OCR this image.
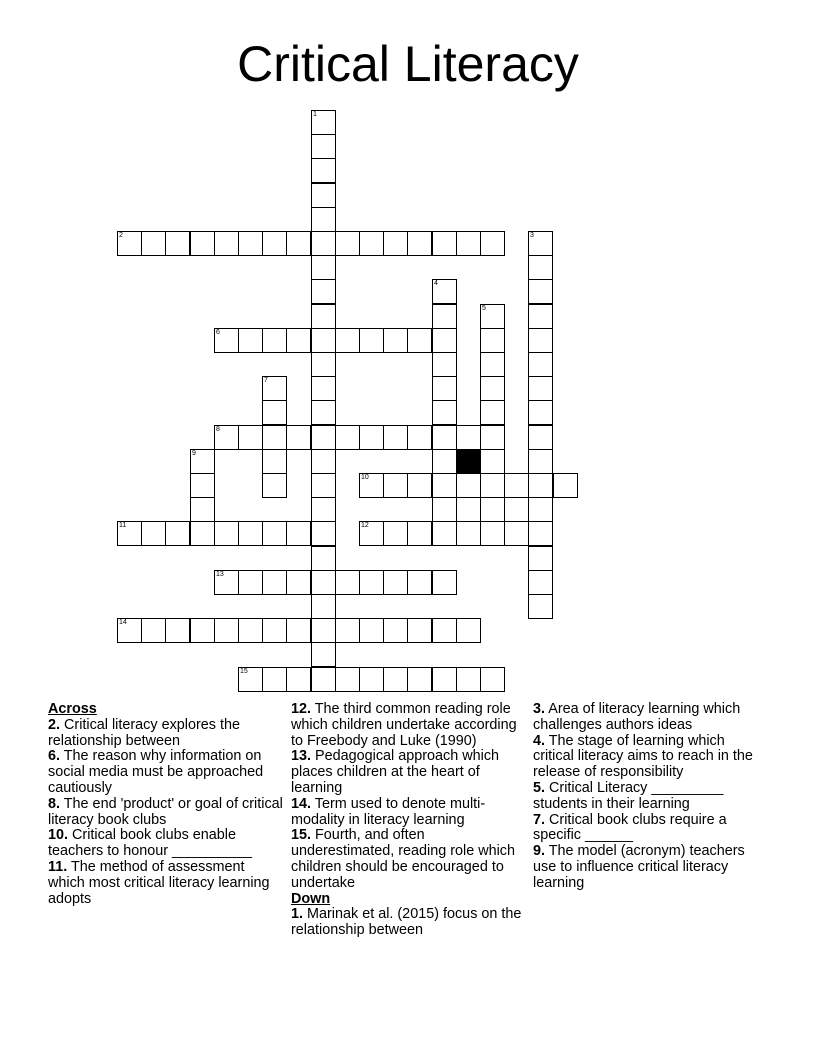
Critical Literacy
1
2	3
4
5
6
7
8
9
10
11	12
13
14
15

Across

2. Critical literacy explores the relationship between

6. The reason why information on social media must be approached cautiously

8. The end 'product' or goal of critical literacy book clubs

10. Critical book clubs enable teachers to honour __________

11. The method of assessment which most critical literacy learning adopts

12. The third common reading role which children undertake according to Freebody and Luke (1990)

13. Pedagogical approach which places children at the heart of learning

14. Term used to denote multi-modality in literacy learning

15. Fourth, and often underestimated, reading role which children should be encouraged to undertake

Down

1. Marinak et al. (2015) focus on the relationship between

3. Area of literacy learning which challenges authors ideas

4. The stage of learning which critical literacy aims to reach in the release of responsibility

5. Critical Literacy _________ students in their learning

7. Critical book clubs require a specific ______

9. The model (acronym) teachers use to influence critical literacy learning
